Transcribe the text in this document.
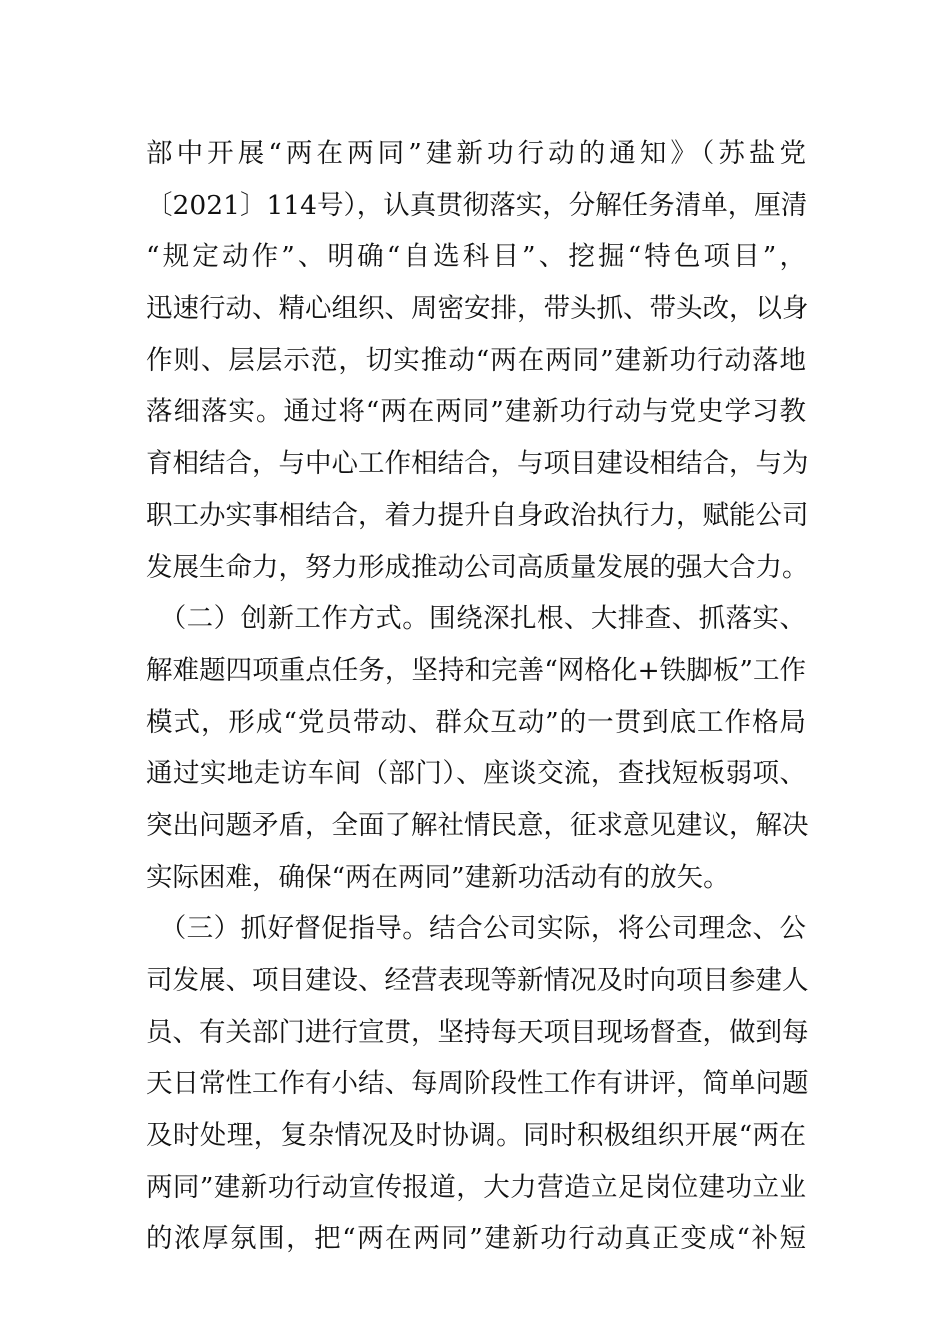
部中开展“两在两同”建新功行动的通知》（苏盐党
〔2021〕114号），认真贯彻落实，分解任务清单，厘清
“规定动作”、明确“自选科目”、挖掘“特色项目”，
迅速行动、精心组织、周密安排，带头抓、带头改，以身
作则、层层示范，切实推动“两在两同”建新功行动落地
落细落实。通过将“两在两同”建新功行动与党史学习教
育相结合，与中心工作相结合，与项目建设相结合，与为
职工办实事相结合，着力提升自身政治执行力，赋能公司
发展生命力，努力形成推动公司高质量发展的强大合力。
　（二）创新工作方式。围绕深扎根、大排查、抓落实、
解难题四项重点任务，坚持和完善“网格化+铁脚板”工作
模式，形成“党员带动、群众互动”的一贯到底工作格局
通过实地走访车间（部门）、座谈交流，查找短板弱项、
突出问题矛盾，全面了解社情民意，征求意见建议，解决
实际困难，确保“两在两同”建新功活动有的放矢。
　（三）抓好督促指导。结合公司实际，将公司理念、公
司发展、项目建设、经营表现等新情况及时向项目参建人
员、有关部门进行宣贯，坚持每天项目现场督查，做到每
天日常性工作有小结、每周阶段性工作有讲评，简单问题
及时处理，复杂情况及时协调。同时积极组织开展“两在
两同”建新功行动宣传报道，大力营造立足岗位建功立业
的浓厚氛围，把“两在两同”建新功行动真正变成“补短
